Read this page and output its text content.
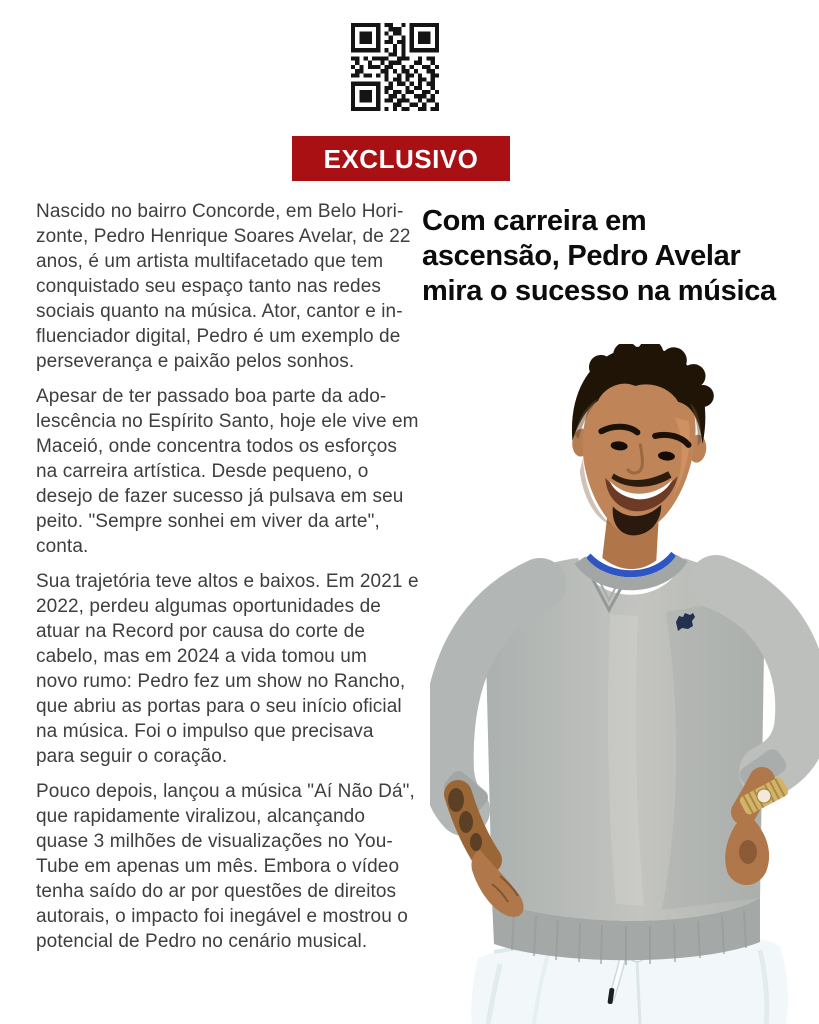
EXCLUSIVO
Com carreira em
ascensão, Pedro Avelar
mira o sucesso na música

Nascido no bairro Concorde, em Belo Hori-
zonte, Pedro Henrique Soares Avelar, de 22
anos, é um artista multifacetado que tem
conquistado seu espaço tanto nas redes
sociais quanto na música. Ator, cantor e in-
fluenciador digital, Pedro é um exemplo de
perseverança e paixão pelos sonhos.

Apesar de ter passado boa parte da ado-
lescência no Espírito Santo, hoje ele vive em
Maceió, onde concentra todos os esforços
na carreira artística. Desde pequeno, o
desejo de fazer sucesso já pulsava em seu
peito. "Sempre sonhei em viver da arte",
conta.

Sua trajetória teve altos e baixos. Em 2021 e
2022, perdeu algumas oportunidades de
atuar na Record por causa do corte de
cabelo, mas em 2024 a vida tomou um
novo rumo: Pedro fez um show no Rancho,
que abriu as portas para o seu início oficial
na música. Foi o impulso que precisava
para seguir o coração.

Pouco depois, lançou a música "Aí Não Dá",
que rapidamente viralizou, alcançando
quase 3 milhões de visualizações no You-
Tube em apenas um mês. Embora o vídeo
tenha saído do ar por questões de direitos
autorais, o impacto foi inegável e mostrou o
potencial de Pedro no cenário musical.
